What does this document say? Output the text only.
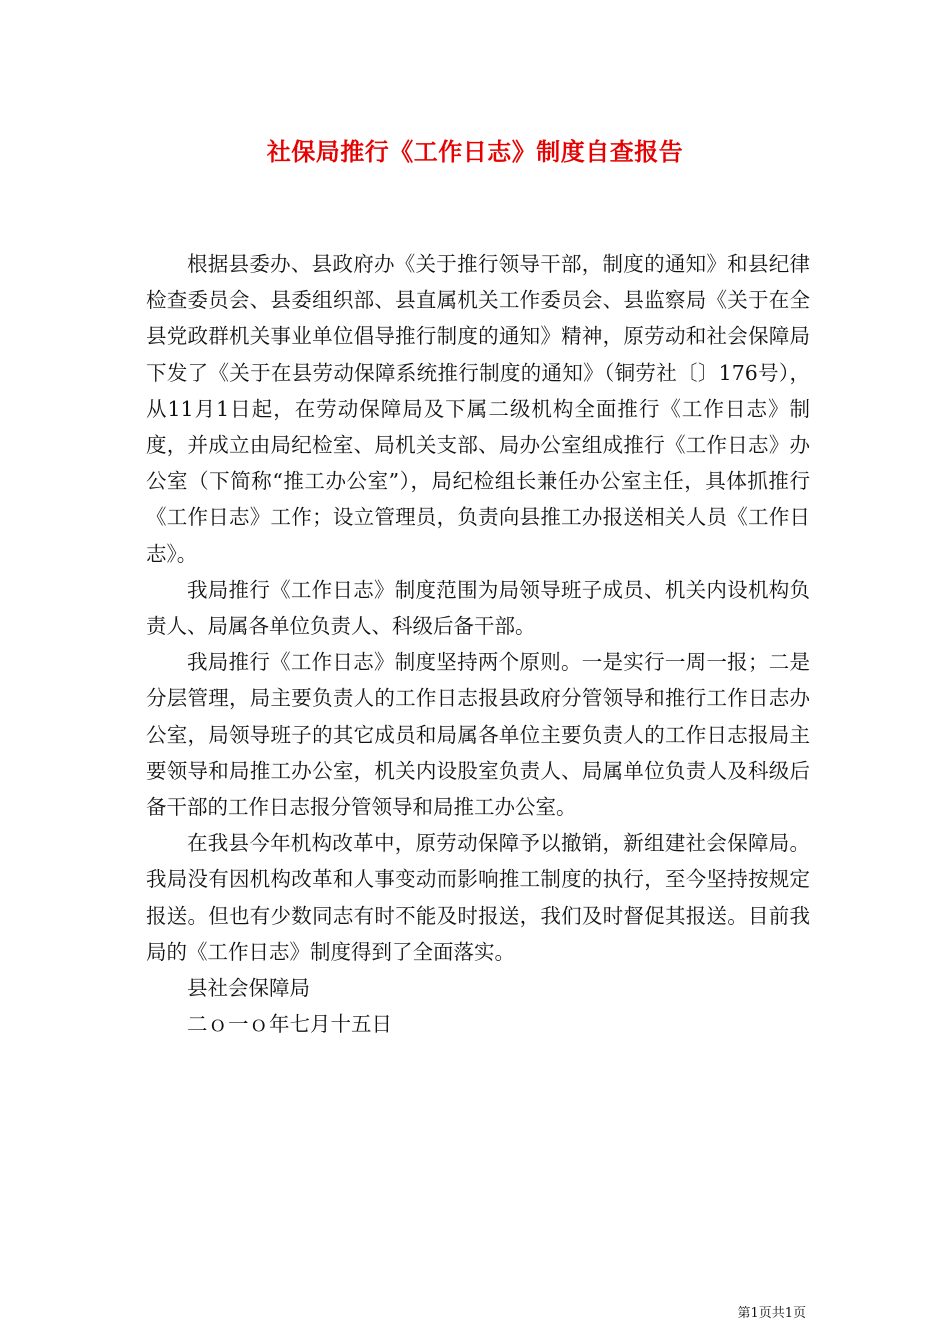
社保局推行《工作日志》制度自查报告

根据县委办、县政府办《关于推行领导干部，制度的通知》和县纪律检查委员会、县委组织部、县直属机关工作委员会、县监察局《关于在全县党政群机关事业单位倡导推行制度的通知》精神，原劳动和社会保障局下发了《关于在县劳动保障系统推行制度的通知》（铜劳社〔〕176号），从11月1日起，在劳动保障局及下属二级机构全面推行《工作日志》制度，并成立由局纪检室、局机关支部、局办公室组成推行《工作日志》办公室（下简称“推工办公室”），局纪检组长兼任办公室主任，具体抓推行《工作日志》工作；设立管理员，负责向县推工办报送相关人员《工作日志》。

我局推行《工作日志》制度范围为局领导班子成员、机关内设机构负责人、局属各单位负责人、科级后备干部。

我局推行《工作日志》制度坚持两个原则。一是实行一周一报；二是分层管理，局主要负责人的工作日志报县政府分管领导和推行工作日志办公室，局领导班子的其它成员和局属各单位主要负责人的工作日志报局主要领导和局推工办公室，机关内设股室负责人、局属单位负责人及科级后备干部的工作日志报分管领导和局推工办公室。

在我县今年机构改革中，原劳动保障予以撤销，新组建社会保障局。我局没有因机构改革和人事变动而影响推工制度的执行，至今坚持按规定报送。但也有少数同志有时不能及时报送，我们及时督促其报送。目前我局的《工作日志》制度得到了全面落实。

县社会保障局

二ｏ一ｏ年七月十五日

第1页共1页
